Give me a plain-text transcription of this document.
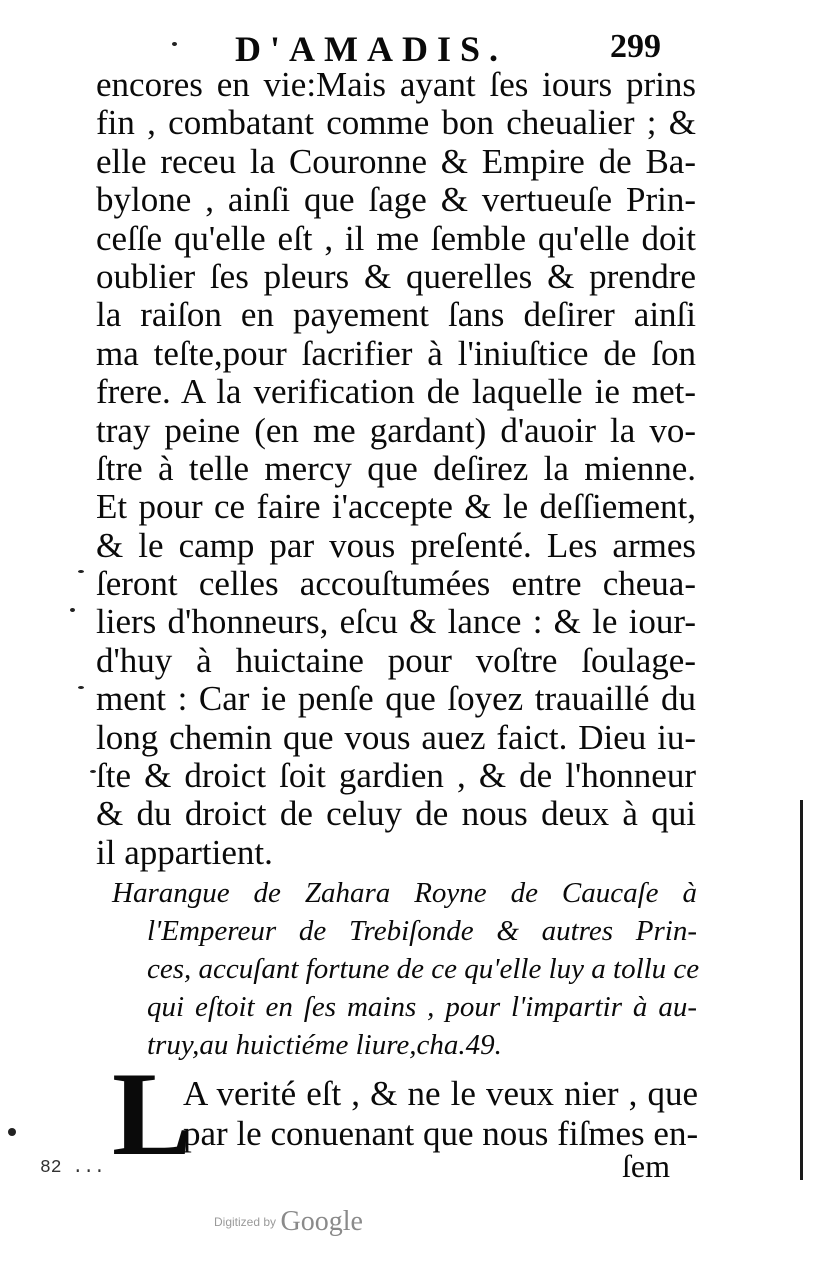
D'AMADIS.	299
encores en vie:Mais ayant ſes iours prins
fin , combatant comme bon cheualier ; &
elle receu la Couronne & Empire de Ba-
bylone , ainſi que ſage & vertueuſe Prin-
ceſſe qu'elle eſt , il me ſemble qu'elle doit
oublier ſes pleurs & querelles & prendre
la raiſon en payement ſans deſirer ainſi
ma teſte,pour ſacrifier à l'iniuſtice de ſon
frere. A la verification de laquelle ie met-
tray peine (en me gardant) d'auoir la vo-
ſtre à telle mercy que deſirez la mienne.
Et pour ce faire i'accepte & le deſſiement,
& le camp par vous preſenté. Les armes
ſeront celles accouſtumées entre cheua-
liers d'honneurs, eſcu & lance : & le iour-
d'huy à huictaine pour voſtre ſoulage-
ment : Car ie penſe que ſoyez trauaillé du
long chemin que vous auez faict. Dieu iu-
ſte & droict ſoit gardien , & de l'honneur
& du droict de celuy de nous deux à qui
il appartient.
Harangue de Zahara Royne de Caucaſe à
l'Empereur de Trebiſonde & autres Prin-
ces, accuſant fortune de ce qu'elle luy a tollu ce
qui eſtoit en ſes mains , pour l'impartir à au-
truy,au huictiéme liure,cha.49.
L
A verité eſt , & ne le veux nier , que
par le conuenant que nous fiſmes en-
ſem
82 ...
Digitized by Google
